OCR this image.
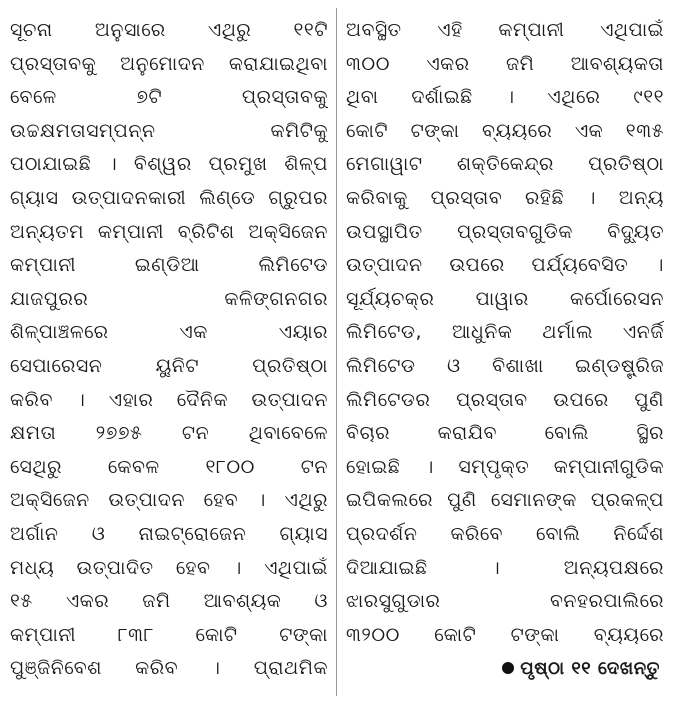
ସୂଚନା ଅନୁସାରେ ଏଥିରୁ ୧୧ଟି
ପ୍ରସ୍ତାବକୁ ଅନୁମୋଦନ କରାଯାଇଥିବା
ବେଳେ ୭ଟି ପ୍ରସ୍ତାବକୁ
ଉଚ୍ଚକ୍ଷମତାସମ୍ପନ୍ନ କମିଟିକୁ
ପଠାଯାଇଛି । ବିଶ୍ୱର ପ୍ରମୁଖ ଶିଳ୍ପ
ଗ୍ୟାସ ଉତ୍ପାଦନକାରୀ ଲିଣ୍ଡେ ଗ୍ରୁପର
ଅନ୍ୟତମ କମ୍ପାନୀ ବ୍ରିଟିଶ ଅକ୍ସିଜେନ
କମ୍ପାନୀ ଇଣ୍ଡିଆ ଲିମିଟେଡ
ଯାଜପୁରର କଳିଙ୍ଗନଗର
ଶିଳ୍ପାଞ୍ଚଳରେ ଏକ ଏୟାର
ସେପାରେସନ ୟୁନିଟ ପ୍ରତିଷ୍ଠା
କରିବ । ଏହାର ଦୈନିକ ଉତ୍ପାଦନ
କ୍ଷମତା ୨୭୭୫ ଟନ ଥିବାବେଳେ
ସେଥିରୁ କେବଳ ୧୮୦୦ ଟନ
ଅକ୍ସିଜେନ ଉତ୍ପାଦନ ହେବ । ଏଥିରୁ
ଅର୍ଗାନ ଓ ନାଇଟ୍ରୋଜେନ ଗ୍ୟାସ
ମଧ୍ୟ ଉତ୍ପାଦିତ ହେବ । ଏଥିପାଇଁ
୧୫ ଏକର ଜମି ଆବଶ୍ୟକ ଓ
କମ୍ପାନୀ ୮୩୮ କୋଟି ଟଙ୍କା
ପୁଞ୍ଜିନିବେଶ କରିବ । ପ୍ରାଥମିକ
ଅବସ୍ଥିତ ଏହି କମ୍ପାନୀ ଏଥିପାଇଁ
୩୦୦ ଏକର ଜମି ଆବଶ୍ୟକତା
ଥିବା ଦର୍ଶାଇଛି । ଏଥିରେ ୯୧୧
କୋଟି ଟଙ୍କା ବ୍ୟୟରେ ଏକ ୧୩୫
ମେଗାୱାଟ ଶକ୍ତିକେନ୍ଦ୍ର ପ୍ରତିଷ୍ଠା
କରିବାକୁ ପ୍ରସ୍ତାବ ରହିଛି । ଅନ୍ୟ
ଉପସ୍ଥାପିତ ପ୍ରସ୍ତାବଗୁଡିକ ବିଦ୍ୟୁତ
ଉତ୍ପାଦନ ଉପରେ ପର୍ଯ୍ୟବେସିତ ।
ସୂର୍ଯ୍ୟଚକ୍ର ପାୱାର କର୍ପୋରେସନ
ଲିମିଟେଡ, ଆଧୁନିକ ଥର୍ମାଲ ଏନର୍ଜି
ଲିମିଟେଡ ଓ ବିଶାଖା ଇଣ୍ଡଷ୍ଟ୍ରିଜ
ଲିମିଟେଡର ପ୍ରସ୍ତାବ ଉପରେ ପୁଣି
ବିଚାର କରାଯିବ ବୋଲି ସ୍ଥିର
ହୋଇଛି । ସମ୍ପୃକ୍ତ କମ୍ପାନୀଗୁଡିକ
ଇପିକଲରେ ପୁଣି ସେମାନଙ୍କ ପ୍ରକଳ୍ପ
ପ୍ରଦର୍ଶନ କରିବେ ବୋଲି ନିର୍ଦ୍ଦେଶ
ଦିଆଯାଇଛି । ଅନ୍ୟପକ୍ଷରେ
ଝାରସୁଗୁଡାର ବନହରପାଲିରେ
୩୨୦୦ କୋଟି ଟଙ୍କା ବ୍ୟୟରେ
ପୃଷ୍ଠା ୧୧ ଦେଖନ୍ତୁ
